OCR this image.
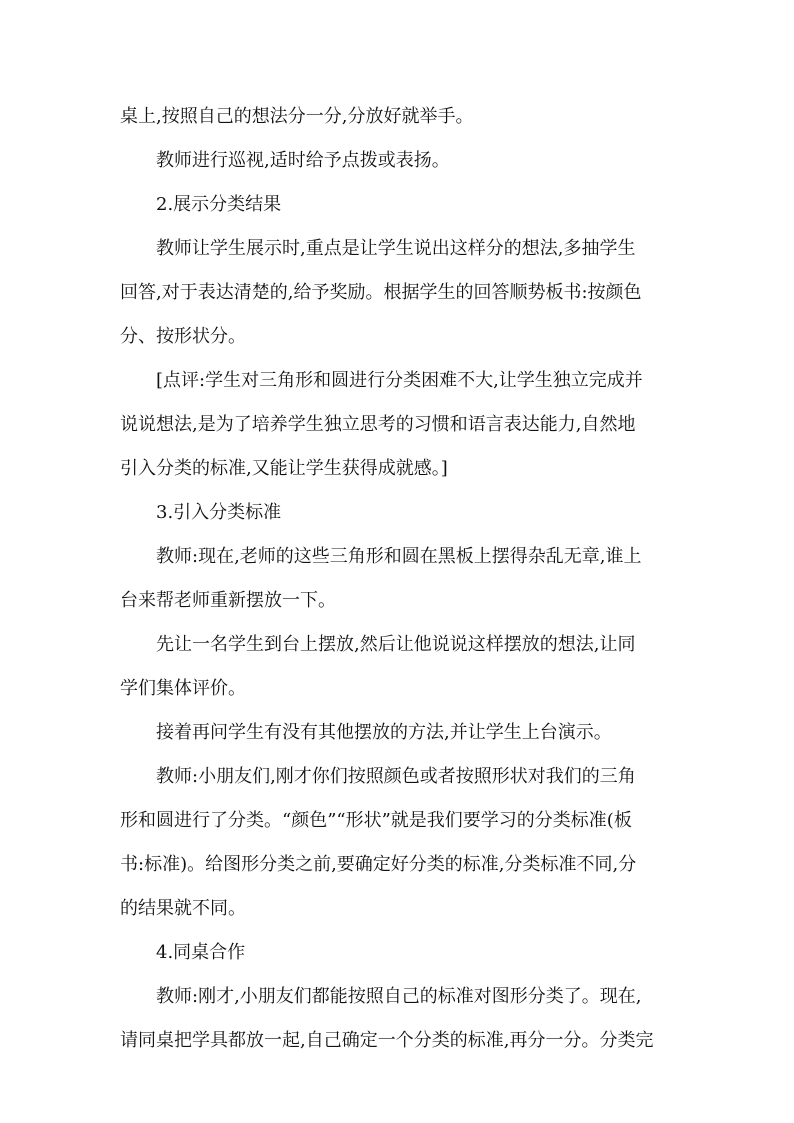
桌上,按照自己的想法分一分,分放好就举手。
教师进行巡视,适时给予点拨或表扬。
2.展示分类结果
教师让学生展示时,重点是让学生说出这样分的想法,多抽学生
回答,对于表达清楚的,给予奖励。根据学生的回答顺势板书:按颜色
分、按形状分。
[点评:学生对三角形和圆进行分类困难不大,让学生独立完成并
说说想法,是为了培养学生独立思考的习惯和语言表达能力,自然地
引入分类的标准,又能让学生获得成就感。]
3.引入分类标准
教师:现在,老师的这些三角形和圆在黑板上摆得杂乱无章,谁上
台来帮老师重新摆放一下。
先让一名学生到台上摆放,然后让他说说这样摆放的想法,让同
学们集体评价。
接着再问学生有没有其他摆放的方法,并让学生上台演示。
教师:小朋友们,刚才你们按照颜色或者按照形状对我们的三角
形和圆进行了分类。“颜色”“形状”就是我们要学习的分类标准(板
书:标准)。给图形分类之前,要确定好分类的标准,分类标准不同,分
的结果就不同。
4.同桌合作
教师:刚才,小朋友们都能按照自己的标准对图形分类了。现在,
请同桌把学具都放一起,自己确定一个分类的标准,再分一分。分类完
